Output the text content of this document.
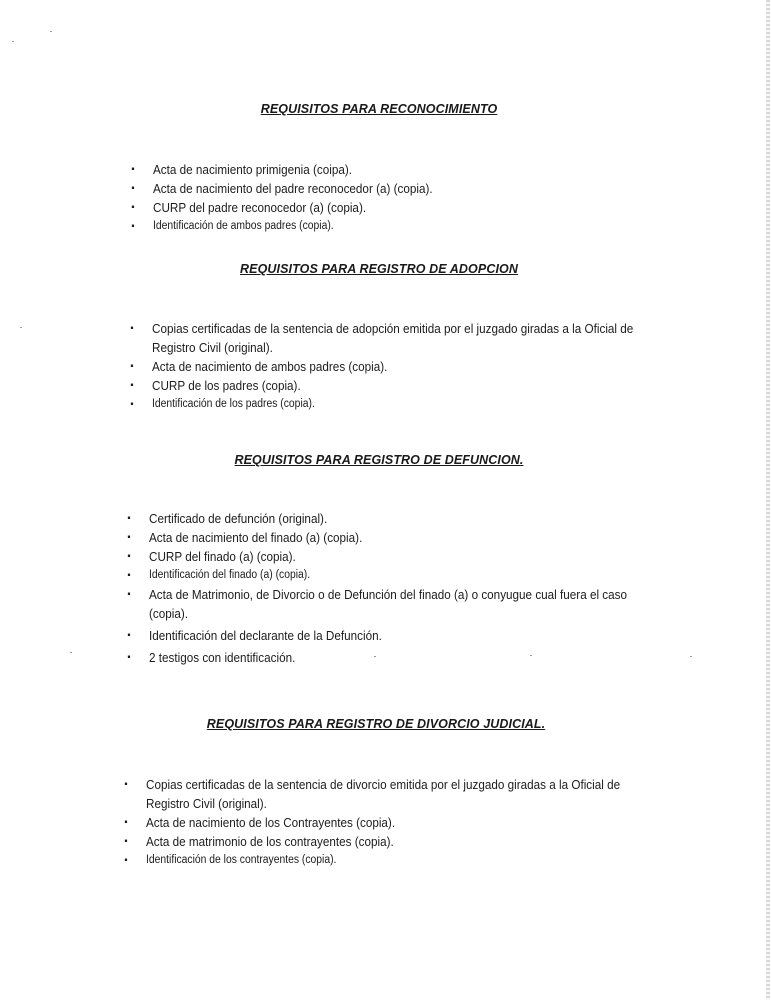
REQUISITOS PARA RECONOCIMIENTO
▪ Acta de nacimiento primigenia (coipa).
▪ Acta de nacimiento del padre reconocedor (a) (copia).
▪ CURP del padre reconocedor (a) (copia).
▪ Identificación de ambos padres (copia).
REQUISITOS PARA REGISTRO DE ADOPCION
▪ Copias certificadas de la sentencia de adopción emitida por el juzgado giradas a la Oficial de
Registro Civil (original).
▪ Acta de nacimiento de ambos padres (copia).
▪ CURP de los padres (copia).
▪ Identificación de los padres (copia).
REQUISITOS PARA REGISTRO DE DEFUNCION.
▪ Certificado de defunción (original).
▪ Acta de nacimiento del finado (a) (copia).
▪ CURP del finado (a) (copia).
▪ Identificación del finado (a) (copia).
▪ Acta de Matrimonio, de Divorcio o de Defunción del finado (a) o conyugue cual fuera el caso
(copia).
▪ Identificación del declarante de la Defunción.
▪ 2 testigos con identificación.
REQUISITOS PARA REGISTRO DE DIVORCIO JUDICIAL.
▪ Copias certificadas de la sentencia de divorcio emitida por el juzgado giradas a la Oficial de
Registro Civil (original).
▪ Acta de nacimiento de los Contrayentes (copia).
▪ Acta de matrimonio de los contrayentes (copia).
▪ Identificación de los contrayentes (copia).
